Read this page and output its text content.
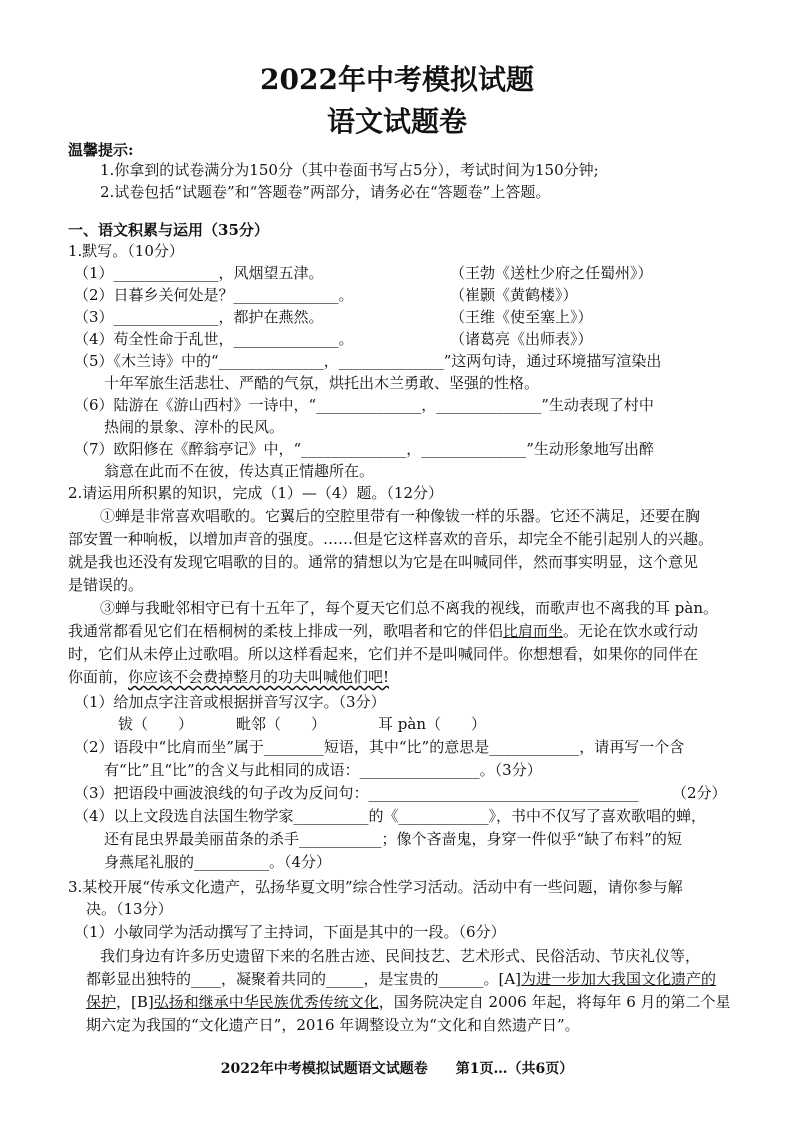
2022年中考模拟试题
语文试题卷
温馨提示:
1.你拿到的试卷满分为150分（其中卷面书写占5分），考试时间为150分钟;
2.试卷包括“试题卷”和“答题卷”两部分，请务必在“答题卷”上答题。
一、语文积累与运用（35分）
1.默写。（10分）
（1）______________，风烟望五津。	（王勃《送杜少府之任蜀州》）
（2）日暮乡关何处是？______________。	（崔颢《黄鹤楼》）
（3）______________，都护在燕然。	（王维《使至塞上》）
（4）苟全性命于乱世，______________。	（诸葛亮《出师表》）
（5）《木兰诗》中的“______________，______________”这两句诗，通过环境描写渲染出
十年军旅生活悲壮、严酷的气氛，烘托出木兰勇敢、坚强的性格。
（6）陆游在《游山西村》一诗中，“______________，______________”生动表现了村中
热闹的景象、淳朴的民风。
（7）欧阳修在《醉翁亭记》中，“______________，______________”生动形象地写出醉
翁意在此而不在彼，传达真正情趣所在。
2.请运用所积累的知识，完成（1）—（4）题。（12分）
①蝉是非常喜欢唱歌的。它翼后的空腔里带有一种像钹一样的乐器。它还不满足，还要在胸
部安置一种响板，以增加声音的强度。……但是它这样喜欢的音乐，却完全不能引起别人的兴趣。
就是我也还没有发现它唱歌的目的。通常的猜想以为它是在叫喊同伴，然而事实明显，这个意见
是错误的。
③蝉与我毗邻相守已有十五年了，每个夏天它们总不离我的视线，而歌声也不离我的耳 pàn。
我通常都看见它们在梧桐树的柔枝上排成一列，歌唱者和它的伴侣比肩而坐。无论在饮水或行动
时，它们从未停止过歌唱。所以这样看起来，它们并不是叫喊同伴。你想想看，如果你的同伴在
你面前，你应该不会费掉整月的功夫叫喊他们吧!
（1）给加点字注音或根据拼音写汉字。（3分）
钹（　　）	毗邻（　　）	耳 pàn（　　）
（2）语段中“比肩而坐”属于________短语，其中“比”的意思是____________，请再写一个含
有“比”且“比”的含义与此相同的成语：________________。（3分）
（3）把语段中画波浪线的句子改为反问句：____________________________________ （2分）
（4）以上文段选自法国生物学家__________的《____________》，书中不仅写了喜欢歌唱的蝉，
还有昆虫界最美丽苗条的杀手___________；像个吝啬鬼，身穿一件似乎“缺了布料”的短
身燕尾礼服的__________。（4分）
3.某校开展“传承文化遗产，弘扬华夏文明”综合性学习活动。活动中有一些问题，请你参与解
决。（13分）
（1）小敏同学为活动撰写了主持词，下面是其中的一段。（6分）
我们身边有许多历史遗留下来的名胜古迹、民间技艺、艺术形式、民俗活动、节庆礼仪等，
都彰显出独特的____，凝聚着共同的_____，是宝贵的______。[A]为进一步加大我国文化遗产的
保护，[B]弘扬和继承中华民族优秀传统文化，国务院决定自 2006 年起，将每年 6 月的第二个星
期六定为我国的“文化遗产日”，2016 年调整设立为“文化和自然遗产日”。
2022年中考模拟试题语文试题卷　　第1页…（共6页）
